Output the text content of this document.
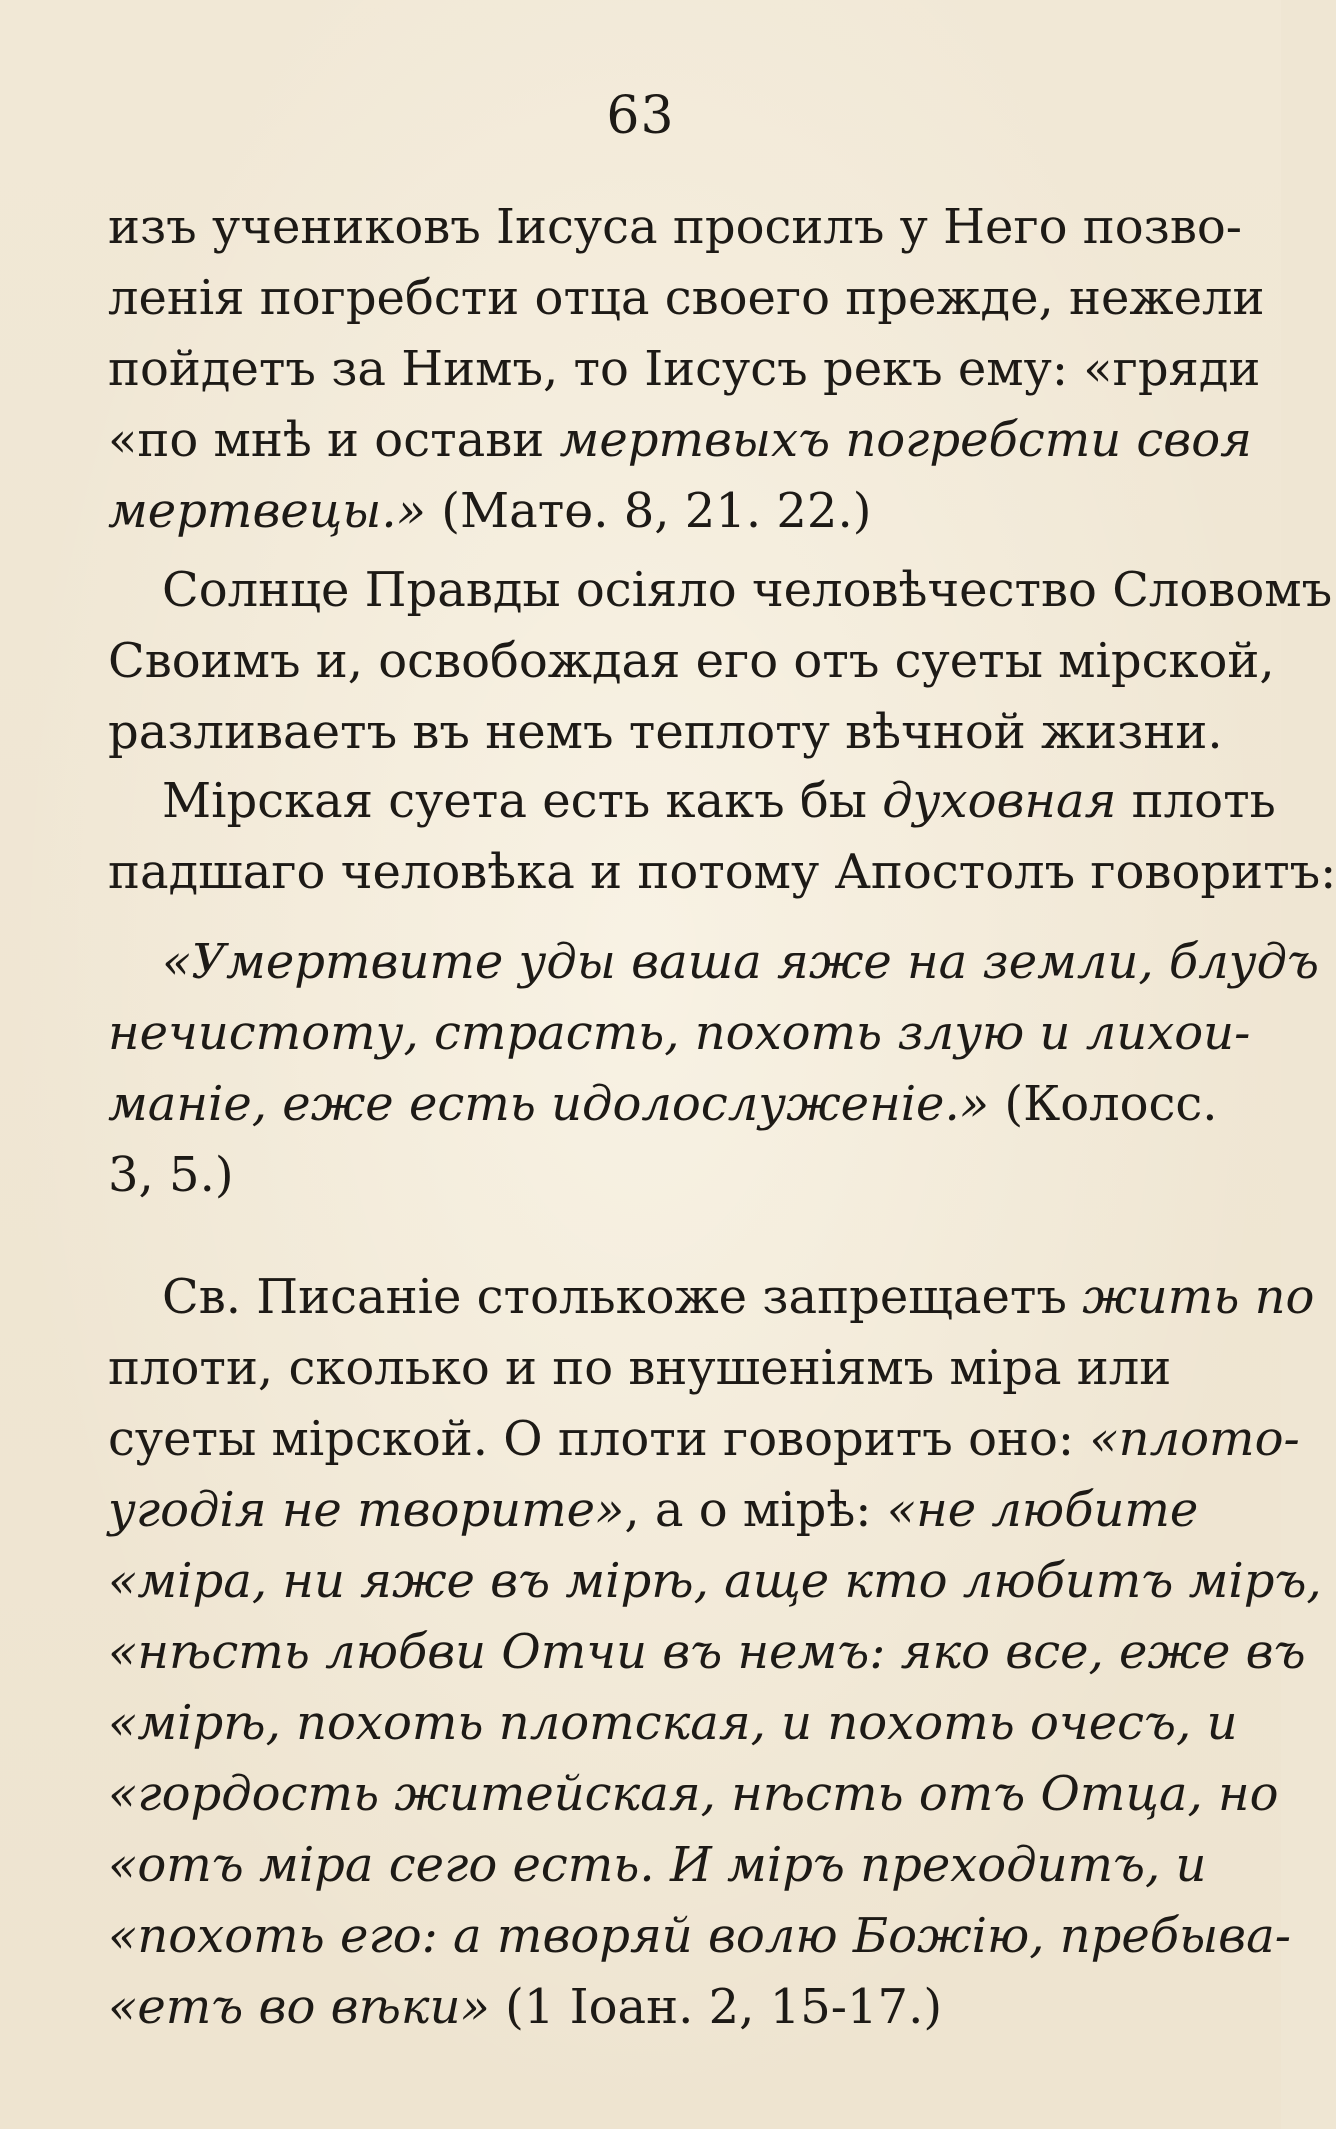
63
изъ учениковъ Іисуса просилъ у Него позво-
ленія погребсти отца своего прежде, нежели
пойдетъ за Нимъ, то Іисусъ рекъ ему: «гряди
«по мнѣ и остави мертвыхъ погребсти своя
мертвецы.» (Матө. 8, 21. 22.)
Солнце Правды осіяло человѣчество Словомъ
Своимъ и, освобождая его отъ суеты мірской,
разливаетъ въ немъ теплоту вѣчной жизни.
Мірская суета есть какъ бы духовная плоть
падшаго человѣка и потому Апостолъ говоритъ:
«Умертвите уды ваша яже на земли, блудъ
нечистоту, страсть, похоть злую и лихои-
маніе, еже есть идолослуженіе.» (Колосс.
3, 5.)
Св. Писаніе столькоже запрещаетъ жить по
плоти, сколько и по внушеніямъ міра или
суеты мірской. О плоти говоритъ оно: «плото-
угодія не творите», а о мірѣ: «не любите
«міра, ни яже въ мірѣ, аще кто любитъ міръ,
«нѣсть любви Отчи въ немъ: яко все, еже въ
«мірѣ, похоть плотская, и похоть очесъ, и
«гордость житейская, нѣсть отъ Отца, но
«отъ міра сего есть. И міръ преходитъ, и
«похоть его: а творяй волю Божію, пребыва-
«етъ во вѣки» (1 Іоан. 2, 15-17.)
